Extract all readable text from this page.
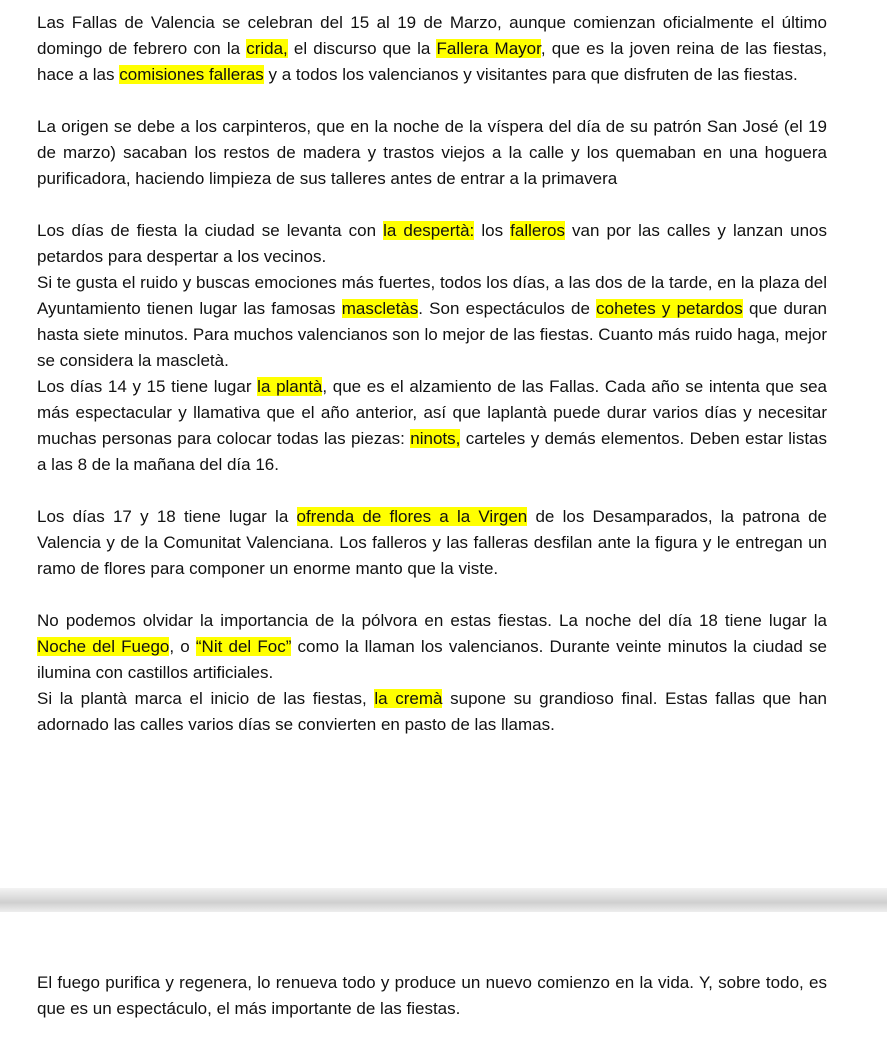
Las Fallas de Valencia se celebran del 15 al 19 de Marzo, aunque comienzan oficialmente el último domingo de febrero con la crida, el discurso que la Fallera Mayor, que es la joven reina de las fiestas, hace a las comisiones falleras y a todos los valencianos y visitantes para que disfruten de las fiestas.

La origen se debe a los carpinteros, que en la noche de la víspera del día de su patrón San José (el 19 de marzo) sacaban los restos de madera y trastos viejos a la calle y los quemaban en una hoguera purificadora, haciendo limpieza de sus talleres antes de entrar a la primavera

Los días de fiesta la ciudad se levanta con la despertà: los falleros van por las calles y lanzan unos petardos para despertar a los vecinos.

Si te gusta el ruido y buscas emociones más fuertes, todos los días, a las dos de la tarde, en la plaza del Ayuntamiento tienen lugar las famosas mascletàs. Son espectáculos de cohetes y petardos que duran hasta siete minutos. Para muchos valencianos son lo mejor de las fiestas. Cuanto más ruido haga, mejor se considera la mascletà.

Los días 14 y 15 tiene lugar la plantà, que es el alzamiento de las Fallas. Cada año se intenta que sea más espectacular y llamativa que el año anterior, así que laplantà puede durar varios días y necesitar muchas personas para colocar todas las piezas: ninots, carteles y demás elementos. Deben estar listas a las 8 de la mañana del día 16.

Los días 17 y 18 tiene lugar la ofrenda de flores a la Virgen de los Desamparados, la patrona de Valencia y de la Comunitat Valenciana. Los falleros y las falleras desfilan ante la figura y le entregan un ramo de flores para componer un enorme manto que la viste.

No podemos olvidar la importancia de la pólvora en estas fiestas. La noche del día 18 tiene lugar la Noche del Fuego, o “Nit del Foc” como la llaman los valencianos. Durante veinte minutos la ciudad se ilumina con castillos artificiales.

Si la plantà marca el inicio de las fiestas, la cremà supone su grandioso final. Estas fallas que han adornado las calles varios días se convierten en pasto de las llamas.

El fuego purifica y regenera, lo renueva todo y produce un nuevo comienzo en la vida. Y, sobre todo, es que es un espectáculo, el más importante de las fiestas.
